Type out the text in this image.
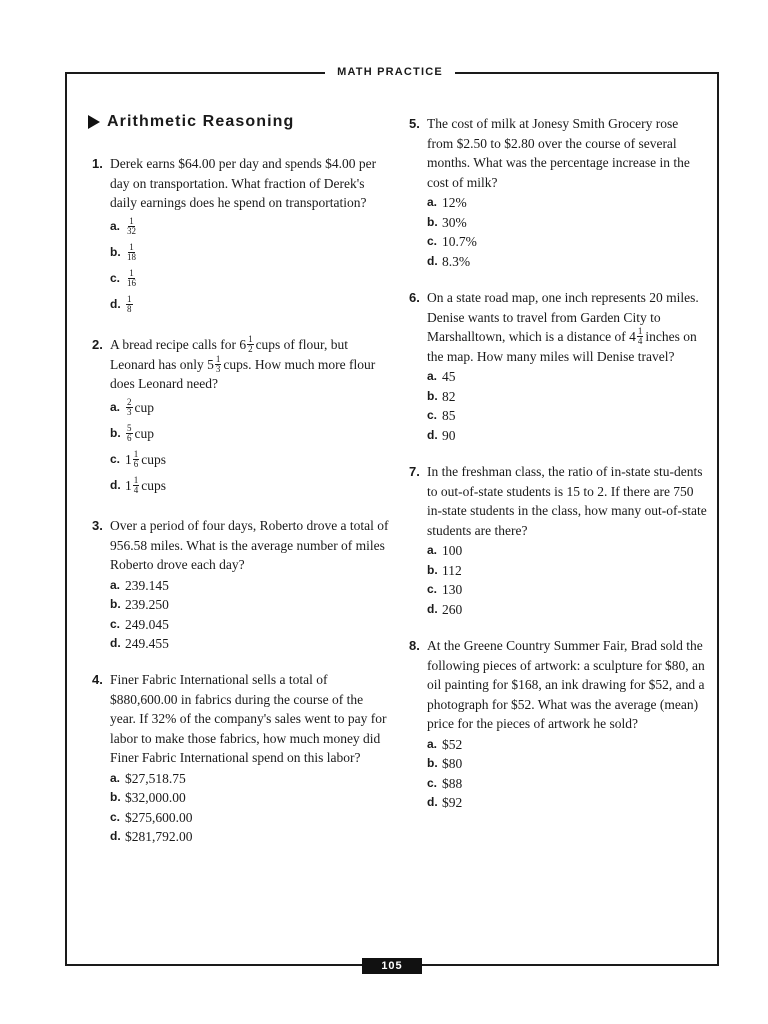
MATH PRACTICE
105
Arithmetic Reasoning
1. Derek earns $64.00 per day and spends $4.00 per day on transportation. What fraction of Derek's daily earnings does he spend on transportation?

a. $\frac{1}{32}$
b. $\frac{1}{18}$
c. $\frac{1}{16}$
d. $\frac{1}{8}$
2. A bread recipe calls for $6 \frac{1}{2}$ cups of flour, but Leonard has only $5 \frac{1}{3}$ cups. How much more flour does Leonard need?

a. $\frac{2}{3}$ cup
b. $\frac{5}{6}$ cup
c. $1 \frac{1}{6}$ cups
d. $1 \frac{1}{4}$ cups
3. Over a period of four days, Roberto drove a total of 956.58 miles. What is the average number of miles Roberto drove each day?

a. 239.145
b. 239.250
c. 249.045
d. 249.455
4. Finer Fabric International sells a total of $880,600.00 in fabrics during the course of the year. If 32% of the company's sales went to pay for labor to make those fabrics, how much money did Finer Fabric International spend on this labor?

a. $27,518.75
b. $32,000.00
c. $275,600.00
d. $281,792.00
5. The cost of milk at Jonesy Smith Grocery rose from $2.50 to $2.80 over the course of several months. What was the percentage increase in the cost of milk?

a. 12%
b. 30%
c. 10.7%
d. 8.3%
6. On a state road map, one inch represents 20 miles. Denise wants to travel from Garden City to Marshalltown, which is a distance of $4 \frac{1}{4}$ inches on the map. How many miles will Denise travel?

a. 45
b. 82
c. 85
d. 90
7. In the freshman class, the ratio of in-state stu-dents to out-of-state students is 15 to 2. If there are 750 in-state students in the class, how many out-of-state students are there?

a. 100
b. 112
c. 130
d. 260
8. At the Greene Country Summer Fair, Brad sold the following pieces of artwork: a sculpture for $80, an oil painting for $168, an ink drawing for $52, and a photograph for $52. What was the average (mean) price for the pieces of artwork he sold?

a. $52
b. $80
c. $88
d. $92
